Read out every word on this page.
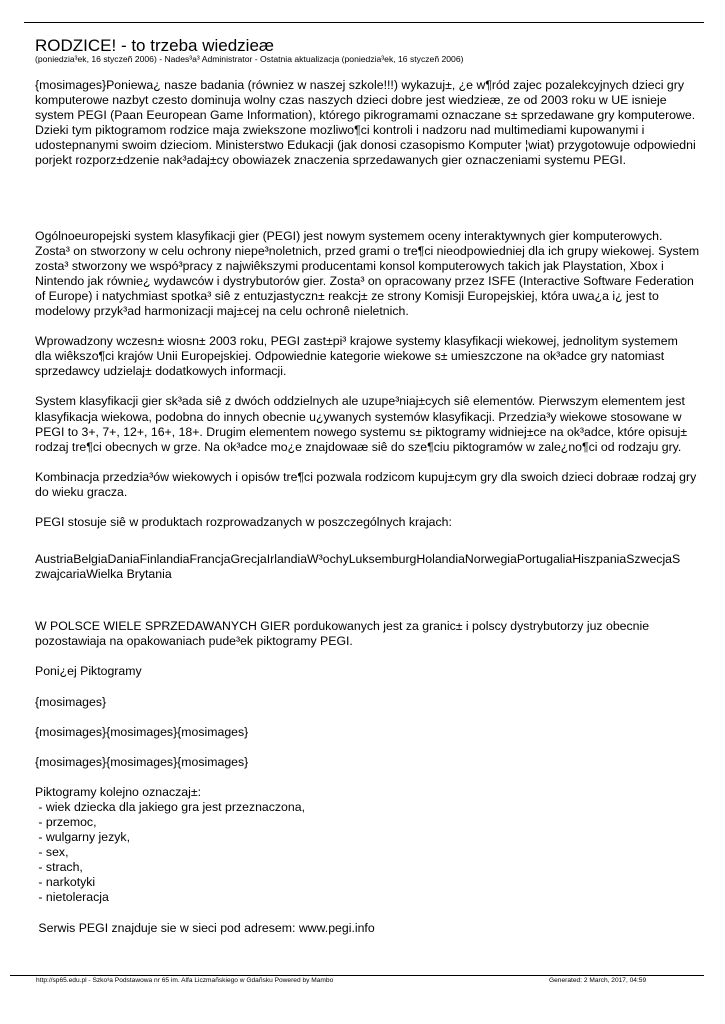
RODZICE! - to trzeba wiedzieæ
(poniedzia³ek, 16 styczeñ 2006) - Nades³a³ Administrator - Ostatnia aktualizacja (poniedzia³ek, 16 styczeñ 2006)

{mosimages}Poniewa¿ nasze badania (równiez w naszej szkole!!!) wykazuj±, ¿e w¶ród zajec pozalekcyjnych dzieci gry komputerowe nazbyt czesto dominuja wolny czas naszych dzieci dobre jest wiedzieæ, ze od 2003 roku w UE isnieje system PEGI (Paan Eeuropean Game Information), którego pikrogramami oznaczane s± sprzedawane gry komputerowe. Dzieki tym piktogramom rodzice maja zwiekszone mozliwo¶ci kontroli i nadzoru nad multimediami kupowanymi i udostepnanymi swoim dzieciom. Ministerstwo Edukacji (jak donosi czasopismo Komputer ¦wiat) przygotowuje odpowiedni porjekt rozporz±dzenie nak³adaj±cy obowiazek znaczenia sprzedawanych gier oznaczeniami systemu PEGI.

Ogólnoeuropejski system klasyfikacji gier (PEGI) jest nowym systemem oceny interaktywnych gier komputerowych. Zosta³ on stworzony w celu ochrony niepe³noletnich, przed grami o tre¶ci nieodpowiedniej dla ich grupy wiekowej. System zosta³ stworzony we wspó³pracy z najwiêkszymi producentami konsol komputerowych takich jak Playstation, Xbox i Nintendo jak równie¿ wydawców i dystrybutorów gier. Zosta³ on opracowany przez ISFE (Interactive Software Federation of Europe) i natychmiast spotka³ siê z entuzjastyczn± reakcj± ze strony Komisji Europejskiej, która uwa¿a i¿ jest to modelowy przyk³ad harmonizacji maj±cej na celu ochronê nieletnich.

Wprowadzony wczesn± wiosn± 2003 roku, PEGI zast±pi³ krajowe systemy klasyfikacji wiekowej, jednolitym systemem dla wiêkszo¶ci krajów Unii Europejskiej. Odpowiednie kategorie wiekowe s± umieszczone na ok³adce gry natomiast sprzedawcy udzielaj± dodatkowych informacji.

System klasyfikacji gier sk³ada siê z dwóch oddzielnych ale uzupe³niaj±cych siê elementów. Pierwszym elementem jest klasyfikacja wiekowa, podobna do innych obecnie u¿ywanych systemów klasyfikacji. Przedzia³y wiekowe stosowane w PEGI to 3+, 7+, 12+, 16+, 18+. Drugim elementem nowego systemu s± piktogramy widniej±ce na ok³adce, które opisuj± rodzaj tre¶ci obecnych w grze. Na ok³adce mo¿e znajdowaæ siê do sze¶ciu piktogramów w zale¿no¶ci od rodzaju gry.

Kombinacja przedzia³ów wiekowych i opisów tre¶ci pozwala rodzicom kupuj±cym gry dla swoich dzieci dobraæ rodzaj gry do wieku gracza.

PEGI stosuje siê w produktach rozprowadzanych w poszczególnych krajach:

AustriaBelgiaDaniaFinlandiaFrancjaGrecjaIrlandiaW³ochyLuksemburgHolandiaNorwegiaPortugaliaHiszpaniaSzwecjaSzwajcariaWielka Brytania

W POLSCE WIELE SPRZEDAWANYCH GIER pordukowanych jest za granic± i polscy dystrybutorzy juz obecnie pozostawiaja na opakowaniach pude³ek piktogramy PEGI.

Poni¿ej Piktogramy

{mosimages}

{mosimages}{mosimages}{mosimages}

{mosimages}{mosimages}{mosimages}

Piktogramy kolejno oznaczaj±:

- wiek dziecka dla jakiego gra jest przeznaczona,
- przemoc,
- wulgarny jezyk,
- sex,
- strach,
- narkotyki
- nietoleracja

Serwis PEGI znajduje sie w sieci pod adresem: www.pegi.info

http://sp65.edu.pl - Szko³a Podstawowa nr 65 im. Alfa Liczmañskiego w Gdañsku Powered by Mambo	Generated: 2 March, 2017, 04:59
